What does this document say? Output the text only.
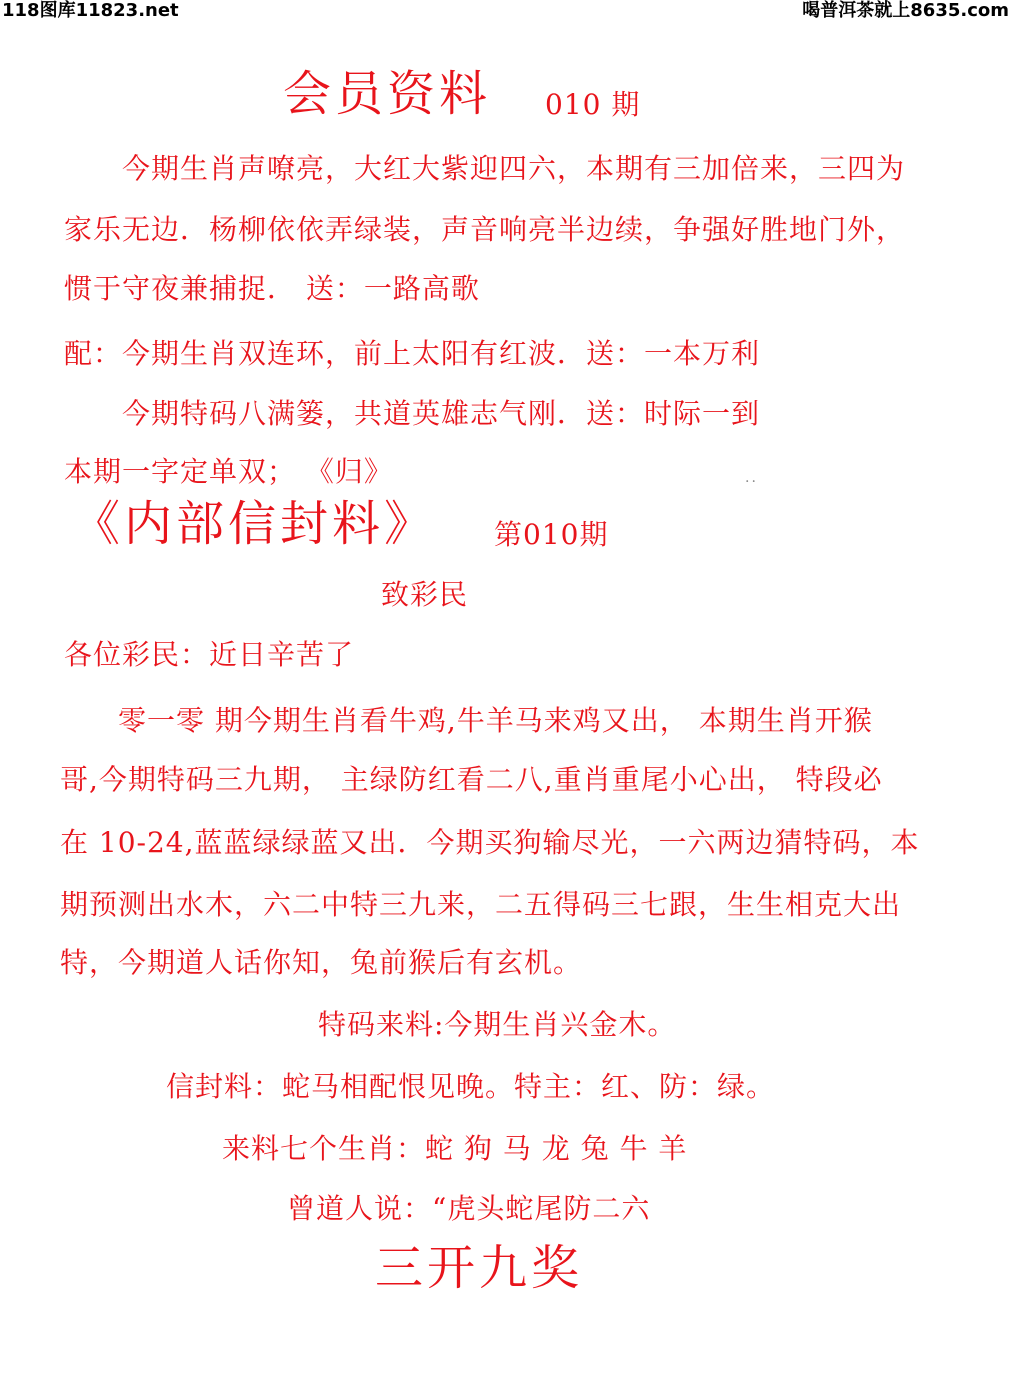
118图库11823.net	喝普洱茶就上8635.com
会员资料 010 期
今期生肖声嘹亮，大红大紫迎四六，本期有三加倍来，三四为
家乐无边．杨柳依依弄绿装，声音响亮半边续，争强好胜地门外，
惯于守夜兼捕捉． 送：一路高歌
配：今期生肖双连环，前上太阳有红波．送：一本万利
今期特码八满篓，共道英雄志气刚．送：时际一到
本期一字定单双； 《归》	..
《内部信封料》 第010期
致彩民
各位彩民：近日辛苦了
零一零 期今期生肖看牛鸡,牛羊马来鸡又出， 本期生肖开猴
哥,今期特码三九期， 主绿防红看二八,重肖重尾小心出， 特段必
在 10-24,蓝蓝绿绿蓝又出．今期买狗输尽光，一六两边猜特码，本
期预测出水木，六二中特三九来，二五得码三七跟，生生相克大出
特，今期道人话你知，兔前猴后有玄机。
特码来料:今期生肖兴金木。
信封料：蛇马相配恨见晚。特主：红、防：绿。
来料七个生肖：蛇 狗 马 龙 兔 牛 羊
曾道人说：“虎头蛇尾防二六
三开九奖
